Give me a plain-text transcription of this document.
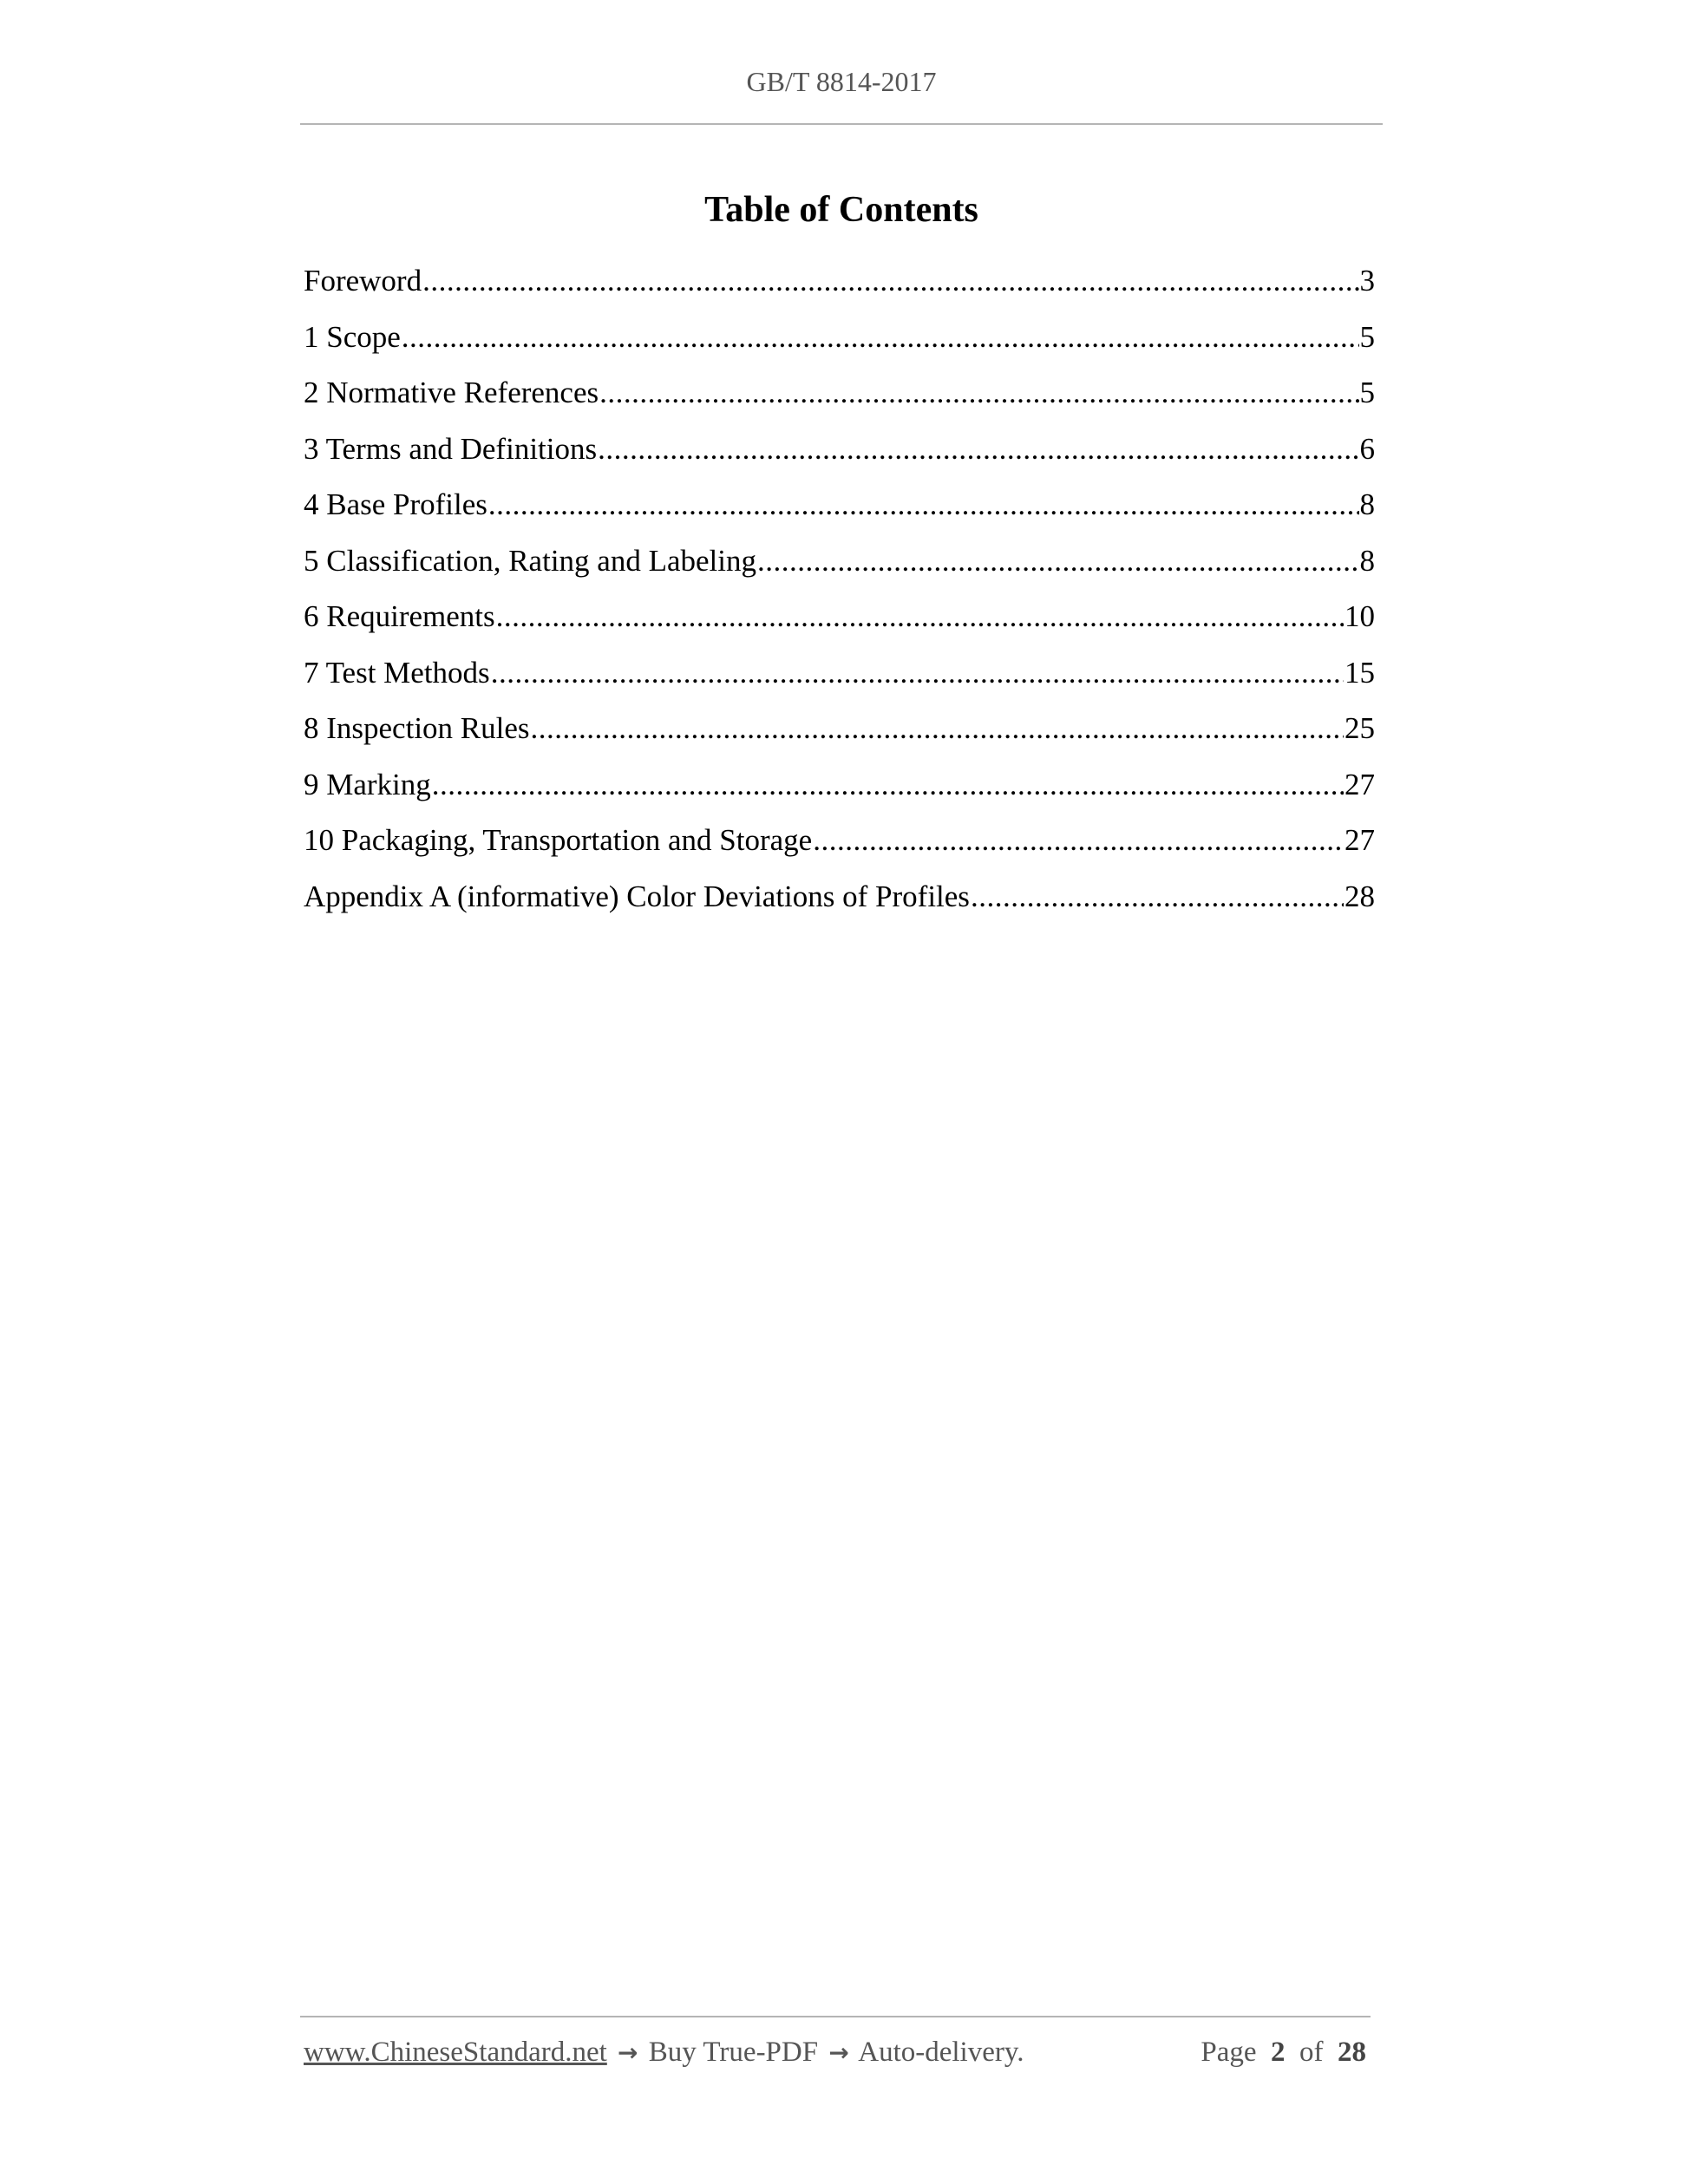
GB/T 8814-2017
Table of Contents
Foreword .....	3
1 Scope .....	5
2 Normative References .....	5
3 Terms and Definitions .....	6
4 Base Profiles .....	8
5 Classification, Rating and Labeling .....	8
6 Requirements .....	10
7 Test Methods .....	15
8 Inspection Rules .....	25
9 Marking .....	27
10 Packaging, Transportation and Storage .....	27
Appendix A (informative) Color Deviations of Profiles .....	28
www.ChineseStandard.net → Buy True-PDF → Auto-delivery.	Page 2 of 28
